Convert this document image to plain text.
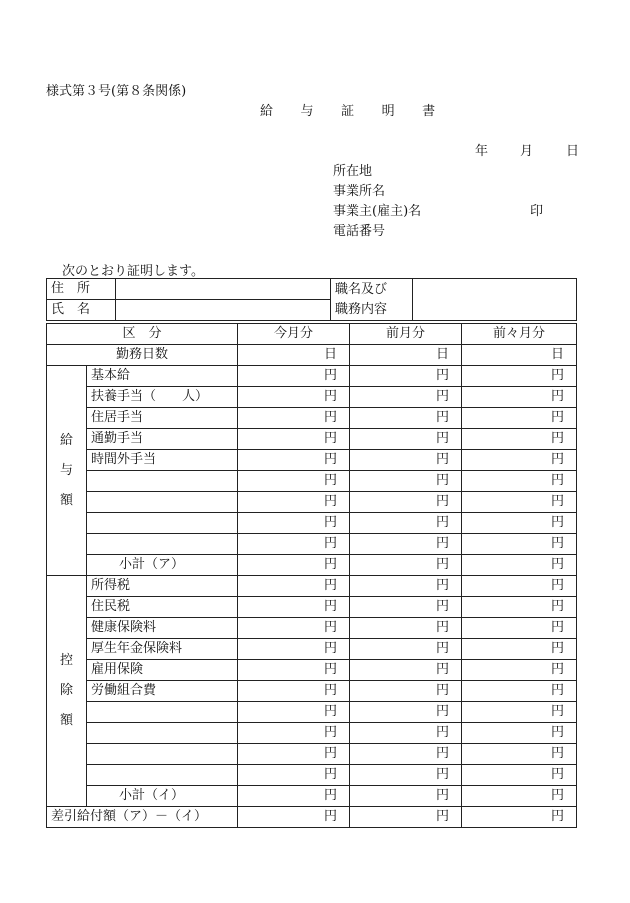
様式第３号(第８条関係)
給 与 証 明 書
年 月	日
所在地
事業所名
事業主(雇主)名	印
電話番号
次のとおり証明します。
住　所		職名及び
職務内容	
氏　名			
区　分		今月分	前月分	前々月分
勤務日数		日	日	日

給
与
額	基本給	円	円	円
	扶養手当（　　人）	円	円	円
	住居手当	円	円	円
	通勤手当	円	円	円
	時間外手当	円	円	円
		円	円	円
		円	円	円
		円	円	円
		円	円	円
	小計（ア）	円	円	円

控
除
額	所得税	円	円	円
	住民税	円	円	円
	健康保険料	円	円	円
	厚生年金保険料	円	円	円
	雇用保険	円	円	円
	労働組合費	円	円	円
		円	円	円
		円	円	円
		円	円	円
		円	円	円
	小計（イ）	円	円	円
差引給付額（ア）－（イ）		円	円	円
